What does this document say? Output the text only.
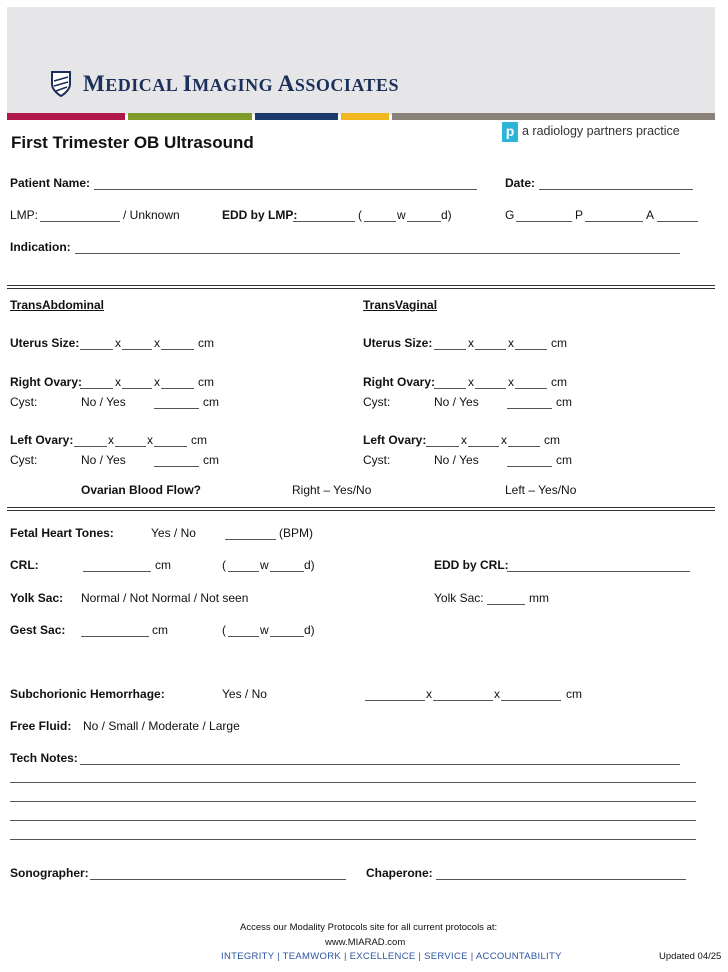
MEDICAL IMAGING ASSOCIATES
p a radiology partners practice
First Trimester OB Ultrasound
Patient Name:	Date:
LMP:	/ Unknown	EDD by LMP:	(	w	d)	G	P	A
Indication:
TransAbdominal
Uterus Size:	x	x	cm
Right Ovary:	x	x	cm
Cyst:	No / Yes	cm
Left Ovary:	x	x	cm
Cyst:	No / Yes	cm
TransVaginal
Uterus Size:	x	x	cm
Right Ovary:	x	x	cm
Cyst:	No / Yes	cm
Left Ovary:	x	x	cm
Cyst:	No / Yes	cm
Ovarian Blood Flow?	Right – Yes/No	Left – Yes/No
Fetal Heart Tones:	Yes / No	(BPM)
CRL:	cm	(	w	d)	EDD by CRL:
Yolk Sac: Normal / Not Normal / Not seen	Yolk Sac:	mm
Gest Sac:	cm	(	w	d)
Subchorionic Hemorrhage:	Yes / No	x	x	cm
Free Fluid: No / Small / Moderate / Large
Tech Notes:
Sonographer:	Chaperone:
Access our Modality Protocols site for all current protocols at:
www.MIARAD.com
INTEGRITY | TEAMWORK | EXCELLENCE | SERVICE | ACCOUNTABILITY	Updated 04/25
